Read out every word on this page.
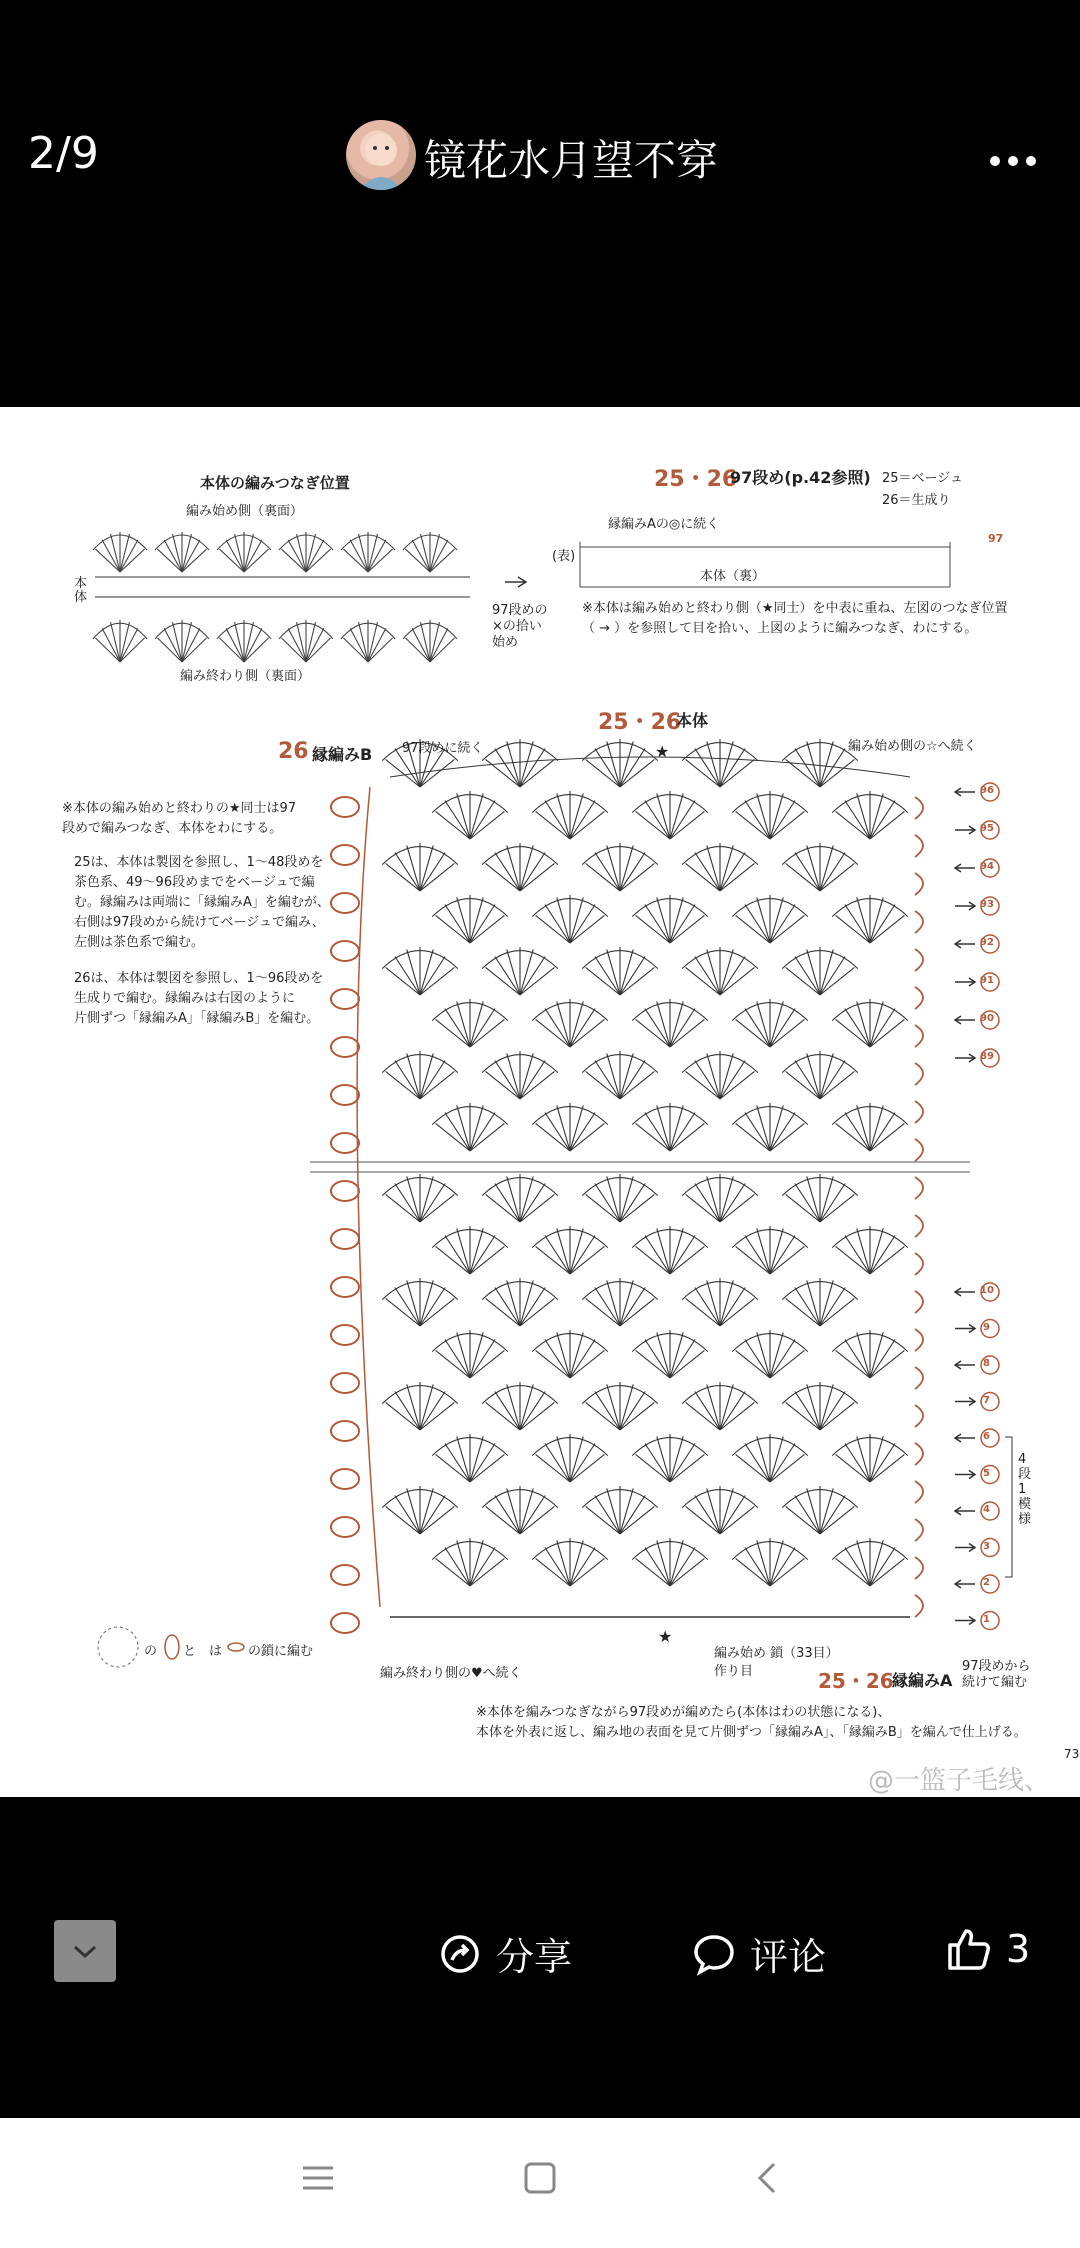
2/9	镜花水月望不穿
★
★
本体の編みつなぎ位置
編み始め側（裏面）
編み終わり側（裏面）
本体
97段めの
×の拾い
始め
25・26
97段め(p.42参照) 25＝ベージュ
26＝生成り
縁編みAの◎に続く
(表)
本体（裏）
97
※本体は編み始めと終わり側（★同士）を中表に重ね、左図のつなぎ位置
（ → ）を参照して目を拾い、上図のように編みつなぎ、わにする。
25・26
本体
26 縁編みB 97段めに続く	編み始め側の☆へ続く
※本体の編み始めと終わりの★同士は97
段めで編みつなぎ、本体をわにする。
25は、本体は製図を参照し、1〜48段めを
茶色系、49〜96段めまでをベージュで編
む。縁編みは両端に「縁編みA」を編むが、
右側は97段めから続けてベージュで編み、
左側は茶色系で編む。
26は、本体は製図を参照し、1〜96段めを
生成りで編む。縁編みは右図のように
片側ずつ「縁編みA」「縁編みB」を編む。
96
95
94
93
92
91
90
89
10
9
8
7
6
5
4
3
2
1
4段1模様
の　　と　は　　の鎖に編む
編み終わり側の♥へ続く
編み始め 鎖（33目）
作り目	25・26
縁編みA
97段めから
続けて編む
※本体を編みつなぎながら97段めが編めたら(本体はわの状態になる)、
本体を外表に返し、編み地の表面を見て片側ずつ「縁編みA」、「縁編みB」を編んで仕上げる。
73
@一篮子毛线、
分享	评论	3
